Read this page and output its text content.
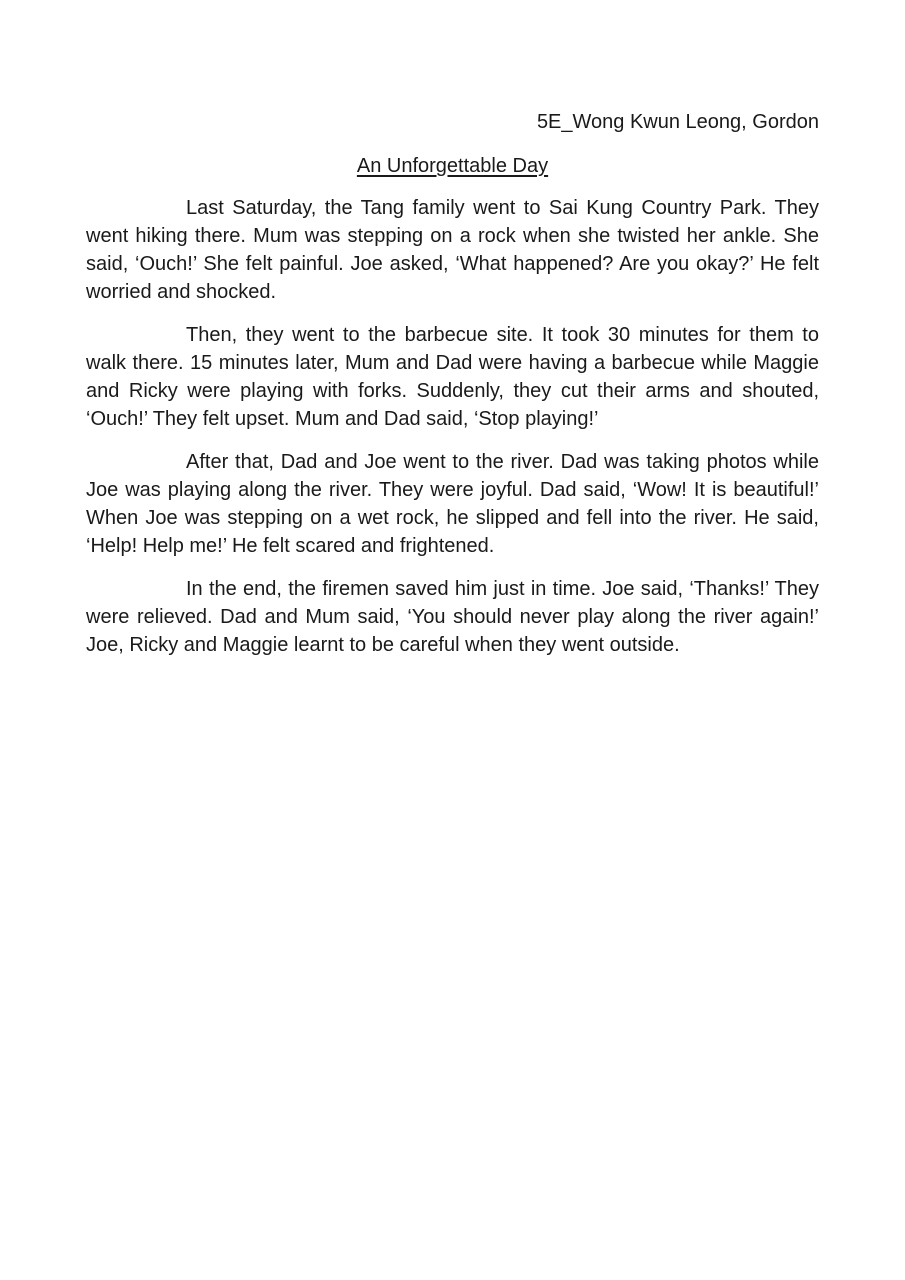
5E_Wong Kwun Leong, Gordon

An Unforgettable Day

Last Saturday, the Tang family went to Sai Kung Country Park. They went hiking there. Mum was stepping on a rock when she twisted her ankle. She said, ‘Ouch!’ She felt painful. Joe asked, ‘What happened? Are you okay?’ He felt worried and shocked.

Then, they went to the barbecue site. It took 30 minutes for them to walk there. 15 minutes later, Mum and Dad were having a barbecue while Maggie and Ricky were playing with forks. Suddenly, they cut their arms and shouted, ‘Ouch!’ They felt upset. Mum and Dad said, ‘Stop playing!’

After that, Dad and Joe went to the river. Dad was taking photos while Joe was playing along the river. They were joyful. Dad said, ‘Wow! It is beautiful!’ When Joe was stepping on a wet rock, he slipped and fell into the river. He said, ‘Help! Help me!’ He felt scared and frightened.

In the end, the firemen saved him just in time. Joe said, ‘Thanks!’ They were relieved. Dad and Mum said, ‘You should never play along the river again!’ Joe, Ricky and Maggie learnt to be careful when they went outside.
